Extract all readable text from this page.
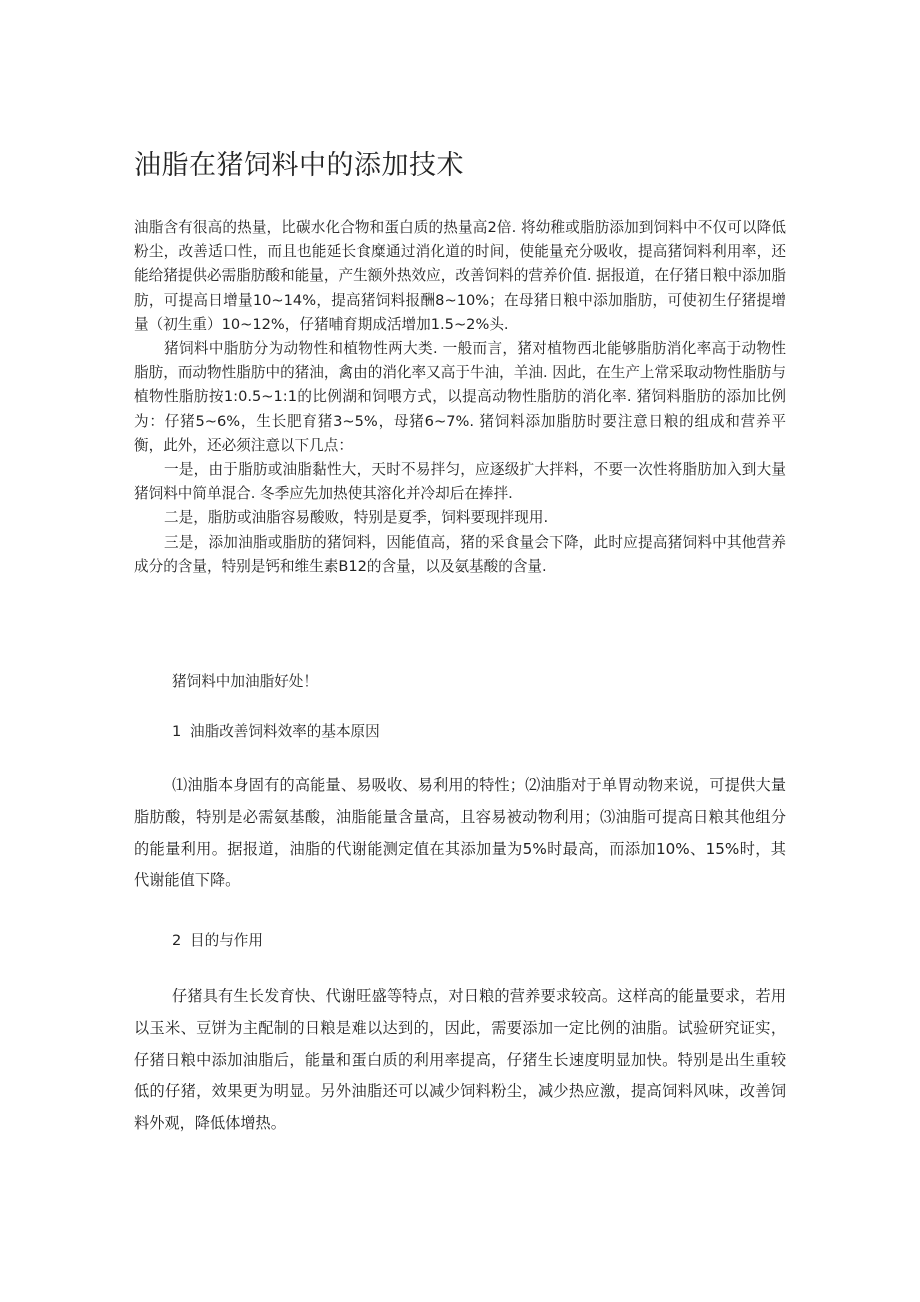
油脂在猪饲料中的添加技术

油脂含有很高的热量，比碳水化合物和蛋白质的热量高2倍. 将幼稚或脂肪添加到饲料中不仅可以降低粉尘，改善适口性，而且也能延长食糜通过消化道的时间，使能量充分吸收，提高猪饲料利用率，还能给猪提供必需脂肪酸和能量，产生额外热效应，改善饲料的营养价值. 据报道，在仔猪日粮中添加脂肪，可提高日增量10~14%，提高猪饲料报酬8~10%；在母猪日粮中添加脂肪，可使初生仔猪提增量（初生重）10~12%，仔猪哺育期成活增加1.5~2%头.

猪饲料中脂肪分为动物性和植物性两大类. 一般而言，猪对植物西北能够脂肪消化率高于动物性脂肪，而动物性脂肪中的猪油，禽由的消化率又高于牛油，羊油. 因此，在生产上常采取动物性脂肪与植物性脂肪按1:0.5~1:1的比例湖和饲喂方式，以提高动物性脂肪的消化率. 猪饲料脂肪的添加比例为：仔猪5~6%，生长肥育猪3~5%，母猪6~7%. 猪饲料添加脂肪时要注意日粮的组成和营养平衡，此外，还必须注意以下几点：

一是，由于脂肪或油脂黏性大，天时不易拌匀，应逐级扩大拌料，不要一次性将脂肪加入到大量猪饲料中简单混合. 冬季应先加热使其溶化并冷却后在捧拌.

二是，脂肪或油脂容易酸败，特别是夏季，饲料要现拌现用.

三是，添加油脂或脂肪的猪饲料，因能值高，猪的采食量会下降，此时应提高猪饲料中其他营养成分的含量，特别是钙和维生素B12的含量，以及氨基酸的含量.

猪饲料中加油脂好处！

1 油脂改善饲料效率的基本原因

⑴油脂本身固有的高能量、易吸收、易利用的特性；⑵油脂对于单胃动物来说，可提供大量脂肪酸，特别是必需氨基酸，油脂能量含量高，且容易被动物利用；⑶油脂可提高日粮其他组分的能量利用。据报道，油脂的代谢能测定值在其添加量为5%时最高，而添加10%、15%时，其代谢能值下降。

2 目的与作用

仔猪具有生长发育快、代谢旺盛等特点，对日粮的营养要求较高。这样高的能量要求，若用以玉米、豆饼为主配制的日粮是难以达到的，因此，需要添加一定比例的油脂。试验研究证实，仔猪日粮中添加油脂后，能量和蛋白质的利用率提高，仔猪生长速度明显加快。特别是出生重较低的仔猪，效果更为明显。另外油脂还可以减少饲料粉尘，减少热应激，提高饲料风味，改善饲料外观，降低体增热。
